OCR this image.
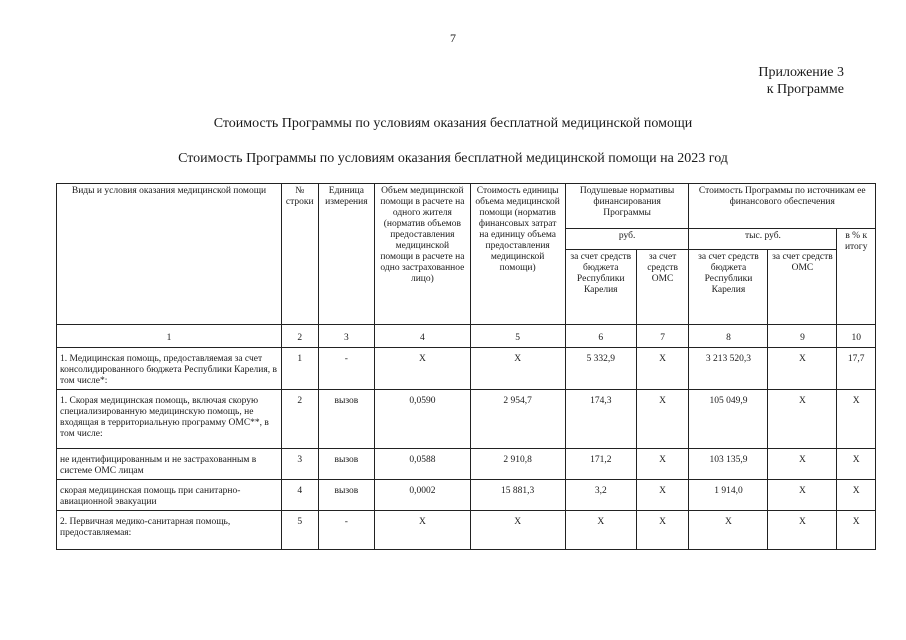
7
Приложение 3
к Программе
Стоимость Программы по условиям оказания бесплатной медицинской помощи
Стоимость Программы по условиям оказания бесплатной медицинской помощи на 2023 год
Виды и условия оказания медицинской помощи	№ строки	Единица измерения	Объем медицинской помощи в расчете на одного жителя (норматив объемов предоставления медицинской помощи в расчете на одно застрахованное лицо)	Стоимость единицы объема медицинской помощи (норматив финансовых затрат на единицу объема предоставления медицинской помощи)	Подушевые нормативы финансирования Программы		Стоимость Программы по источникам ее финансового обеспечения		
					руб.		тыс. руб.		в % к итогу
					за счет средств бюджета Республики Карелия	за счет средств ОМС	за счет средств бюджета Республики Карелия	за счет средств ОМС	
1	2	3	4	5	6	7	8	9	10
1. Медицинская помощь, предоставляемая за счет консолидированного бюджета Республики Карелия, в том числе*:	1	-	X	X	5 332,9	X	3 213 520,3	X	17,7
1. Скорая медицинская помощь, включая скорую специализированную медицинскую помощь, не входящая в территориальную программу ОМС**, в том числе:	2	вызов	0,0590	2 954,7	174,3	X	105 049,9	X	X
не идентифицированным и не застрахованным в системе ОМС лицам	3	вызов	0,0588	2 910,8	171,2	X	103 135,9	X	X
скорая медицинская помощь при санитарно-авиационной эвакуации	4	вызов	0,0002	15 881,3	3,2	X	1 914,0	X	X
2. Первичная медико-санитарная помощь, предоставляемая:	5	-	X	X	X	X	X	X	X
